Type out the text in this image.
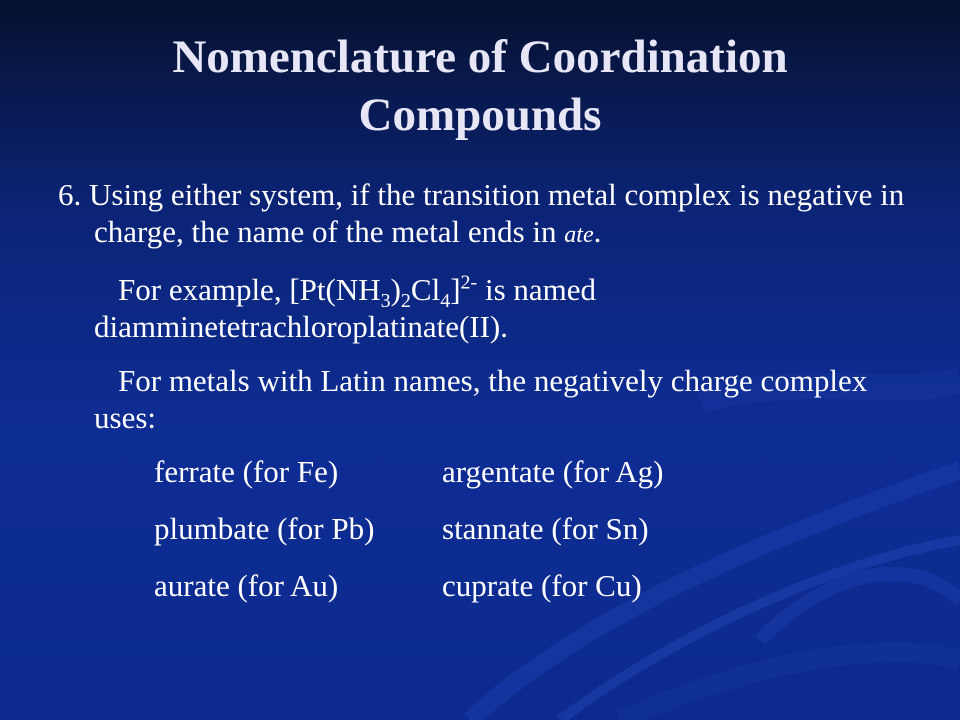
Nomenclature of Coordination
Compounds

6. Using either system, if the transition metal complex is negative in charge, the name of the metal ends in ate.

For example, $[Pt(NH_3)_2Cl_4]^{2-}$ is named diamminetetrachloroplatinate(II).

For metals with Latin names, the negatively charge complex uses:

ferrate (for Fe)	argentate (for Ag)
plumbate (for Pb) stannate (for Sn)
aurate (for Au)	cuprate (for Cu)
